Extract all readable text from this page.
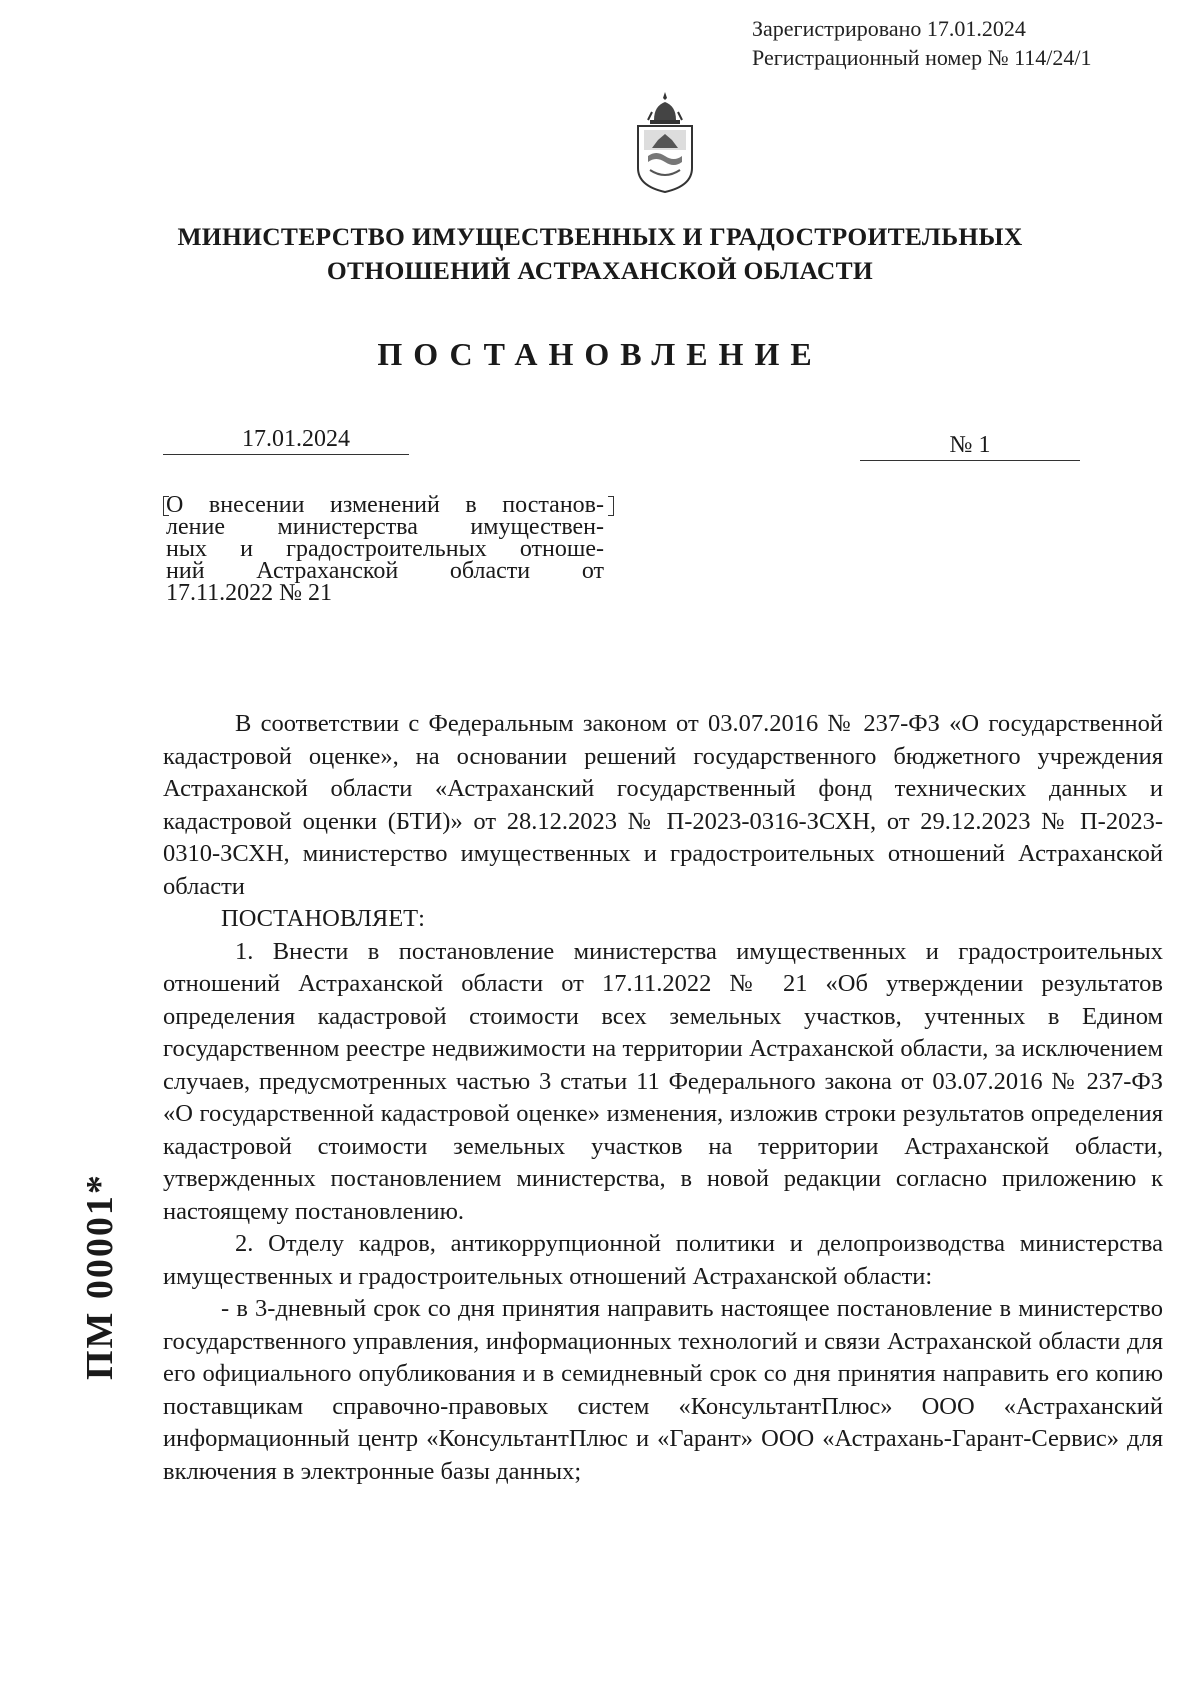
Зарегистрировано 17.01.2024
Регистрационный номер № 114/24/1
МИНИСТЕРСТВО ИМУЩЕСТВЕННЫХ И ГРАДОСТРОИТЕЛЬНЫХ
ОТНОШЕНИЙ АСТРАХАНСКОЙ ОБЛАСТИ
ПОСТАНОВЛЕНИЕ
17.01.2024	№ 1

О внесении изменений в постанов-

ление министерства имуществен-

ных и градостроительных отноше-

ний Астраханской области от

17.11.2022 № 21

В соответствии с Федеральным законом от 03.07.2016 № 237-ФЗ «О государственной кадастровой оценке», на основании решений государственного бюджетного учреждения Астраханской области «Астраханский государственный фонд технических данных и кадастровой оценки (БТИ)» от 28.12.2023 № П-2023-0316-ЗСХН, от 29.12.2023 № П-2023-0310-ЗСХН, министерство имущественных и градостроительных отношений Астраханской области

ПОСТАНОВЛЯЕТ:

1. Внести в постановление министерства имущественных и градостроительных отношений Астраханской области от 17.11.2022 № 21 «Об утверждении результатов определения кадастровой стоимости всех земельных участков, учтенных в Едином государственном реестре недвижимости на территории Астраханской области, за исключением случаев, предусмотренных частью 3 статьи 11 Федерального закона от 03.07.2016 № 237-ФЗ «О государственной кадастровой оценке» изменения, изложив строки результатов определения кадастровой стоимости земельных участков на территории Астраханской области, утвержденных постановлением министерства, в новой редакции согласно приложению к настоящему постановлению.

2. Отделу кадров, антикоррупционной политики и делопроизводства министерства имущественных и градостроительных отношений Астраханской области:

- в 3-дневный срок со дня принятия направить настоящее постановление в министерство государственного управления, информационных технологий и связи Астраханской области для его официального опубликования и в семидневный срок со дня принятия направить его копию поставщикам справочно-правовых систем «КонсультантПлюс» ООО «Астраханский информационный центр «КонсультантПлюс и «Гарант» ООО «Астрахань-Гарант-Сервис» для включения в электронные базы данных;

ПМ 00001*
